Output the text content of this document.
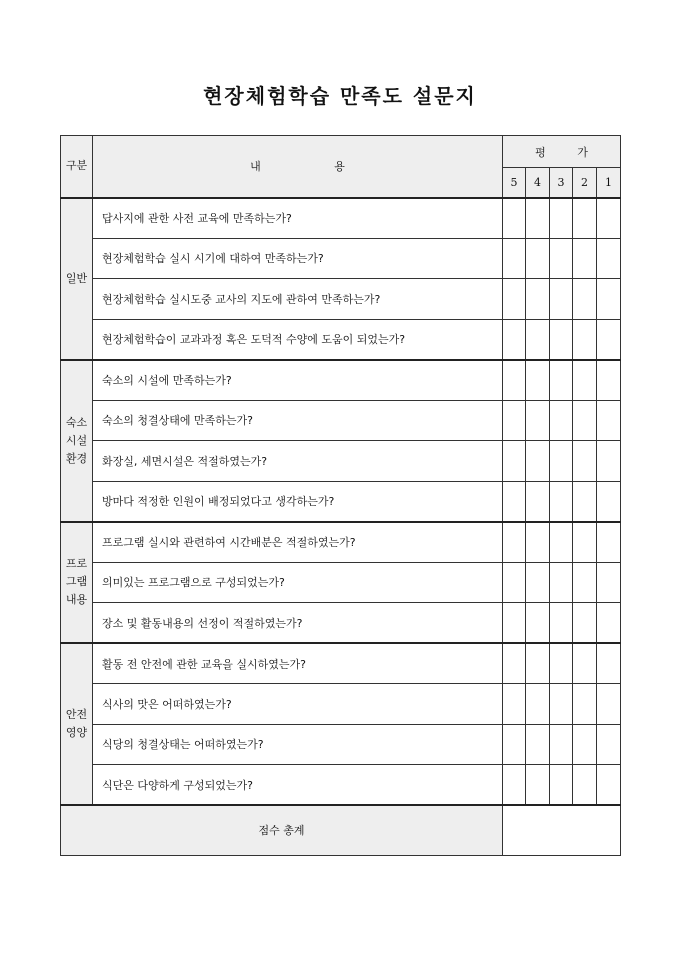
현장체험학습 만족도 설문지
구분	내 용	평 가				
		5	4	3	2	1

일반	답사지에 관한 사전 교육에 만족하는가?					
	현장체험학습 실시 시기에 대하여 만족하는가?					
	현장체험학습 실시도중 교사의 지도에 관하여 만족하는가?					
	현장체험학습이 교과과정 혹은 도덕적 수양에 도움이 되었는가?					

숙소
시설
환경	숙소의 시설에 만족하는가?					
	숙소의 청결상태에 만족하는가?					
	화장실, 세면시설은 적절하였는가?					
	방마다 적정한 인원이 배정되었다고 생각하는가?					

프로
그램
내용	프로그램 실시와 관련하여 시간배분은 적절하였는가?					
	의미있는 프로그램으로 구성되었는가?					
	장소 및 활동내용의 선정이 적절하였는가?					

안전
영양	활동 전 안전에 관한 교육을 실시하였는가?					
	식사의 맛은 어떠하였는가?					
	식당의 청결상태는 어떠하였는가?					
	식단은 다양하게 구성되었는가?					
점수 총계						
